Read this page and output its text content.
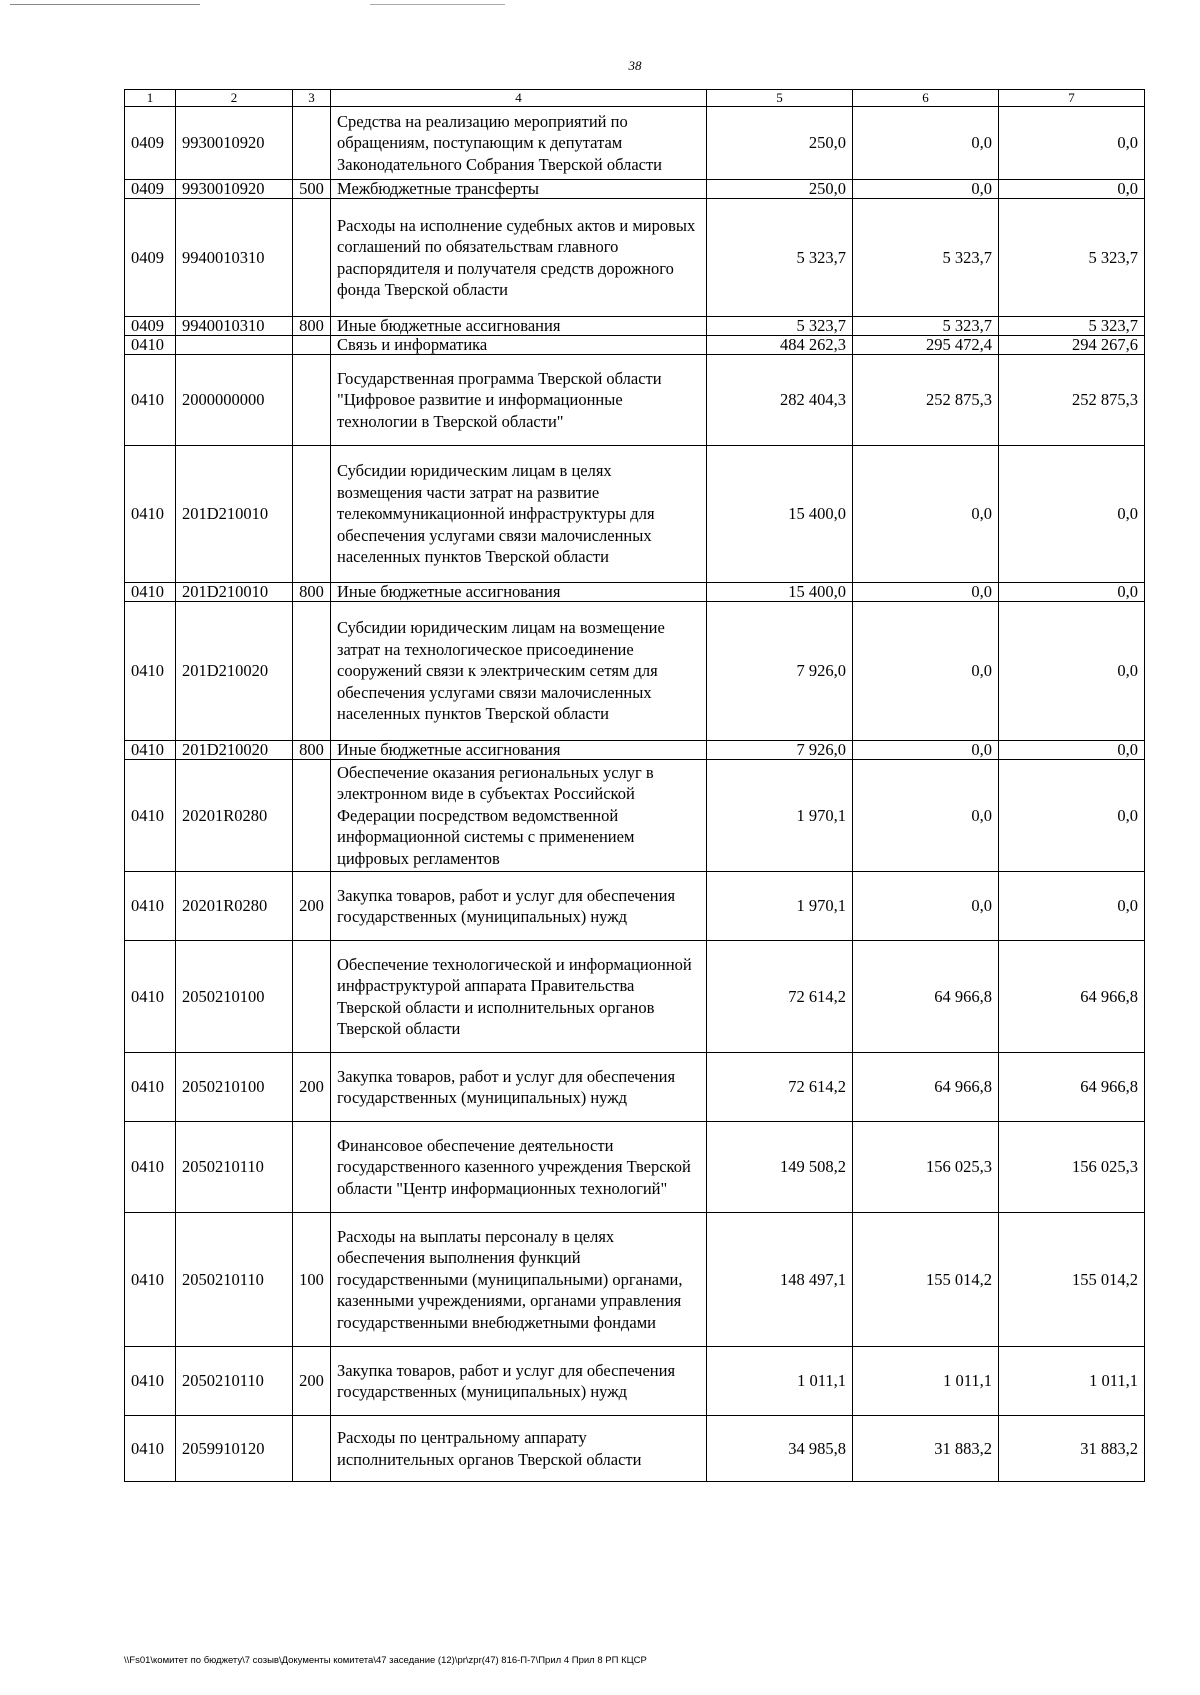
38
1	2	3	4	5	6	7
0409	9930010920		Средства на реализацию мероприятий по обращениям, поступающим к депутатам Законодательного Собрания Тверской области	250,0	0,0	0,0
0409	9930010920	500	Межбюджетные трансферты	250,0	0,0	0,0
0409	9940010310		Расходы на исполнение судебных актов и мировых соглашений по обязательствам главного распорядителя и получателя средств дорожного фонда Тверской области	5 323,7	5 323,7	5 323,7
0409	9940010310	800	Иные бюджетные ассигнования	5 323,7	5 323,7	5 323,7
0410			Связь и информатика	484 262,3	295 472,4	294 267,6
0410	2000000000		Государственная программа Тверской области "Цифровое развитие и информационные технологии в Тверской области"	282 404,3	252 875,3	252 875,3
0410	201D210010		Субсидии юридическим лицам в целях возмещения части затрат на развитие телекоммуникационной инфраструктуры для обеспечения услугами связи малочисленных населенных пунктов Тверской области	15 400,0	0,0	0,0
0410	201D210010	800	Иные бюджетные ассигнования	15 400,0	0,0	0,0
0410	201D210020		Субсидии юридическим лицам на возмещение затрат на технологическое присоединение сооружений связи к электрическим сетям для обеспечения услугами связи малочисленных населенных пунктов Тверской области	7 926,0	0,0	0,0
0410	201D210020	800	Иные бюджетные ассигнования	7 926,0	0,0	0,0
0410	20201R0280		Обеспечение оказания региональных услуг в электронном виде в субъектах Российской Федерации посредством ведомственной информационной системы с применением цифровых регламентов	1 970,1	0,0	0,0
0410	20201R0280	200	Закупка товаров, работ и услуг для обеспечения государственных (муниципальных) нужд	1 970,1	0,0	0,0
0410	2050210100		Обеспечение технологической и информационной инфраструктурой аппарата Правительства Тверской области и исполнительных органов Тверской области	72 614,2	64 966,8	64 966,8
0410	2050210100	200	Закупка товаров, работ и услуг для обеспечения государственных (муниципальных) нужд	72 614,2	64 966,8	64 966,8
0410	2050210110		Финансовое обеспечение деятельности государственного казенного учреждения Тверской области "Центр информационных технологий"	149 508,2	156 025,3	156 025,3
0410	2050210110	100	Расходы на выплаты персоналу в целях обеспечения выполнения функций государственными (муниципальными) органами, казенными учреждениями, органами управления государственными внебюджетными фондами	148 497,1	155 014,2	155 014,2
0410	2050210110	200	Закупка товаров, работ и услуг для обеспечения государственных (муниципальных) нужд	1 011,1	1 011,1	1 011,1
0410	2059910120		Расходы по центральному аппарату исполнительных органов Тверской области	34 985,8	31 883,2	31 883,2
\\Fs01\комитет по бюджету\7 созыв\Документы комитета\47 заседание (12)\pr\zpr(47) 816-П-7\Прил 4 Прил 8 РП КЦСР
